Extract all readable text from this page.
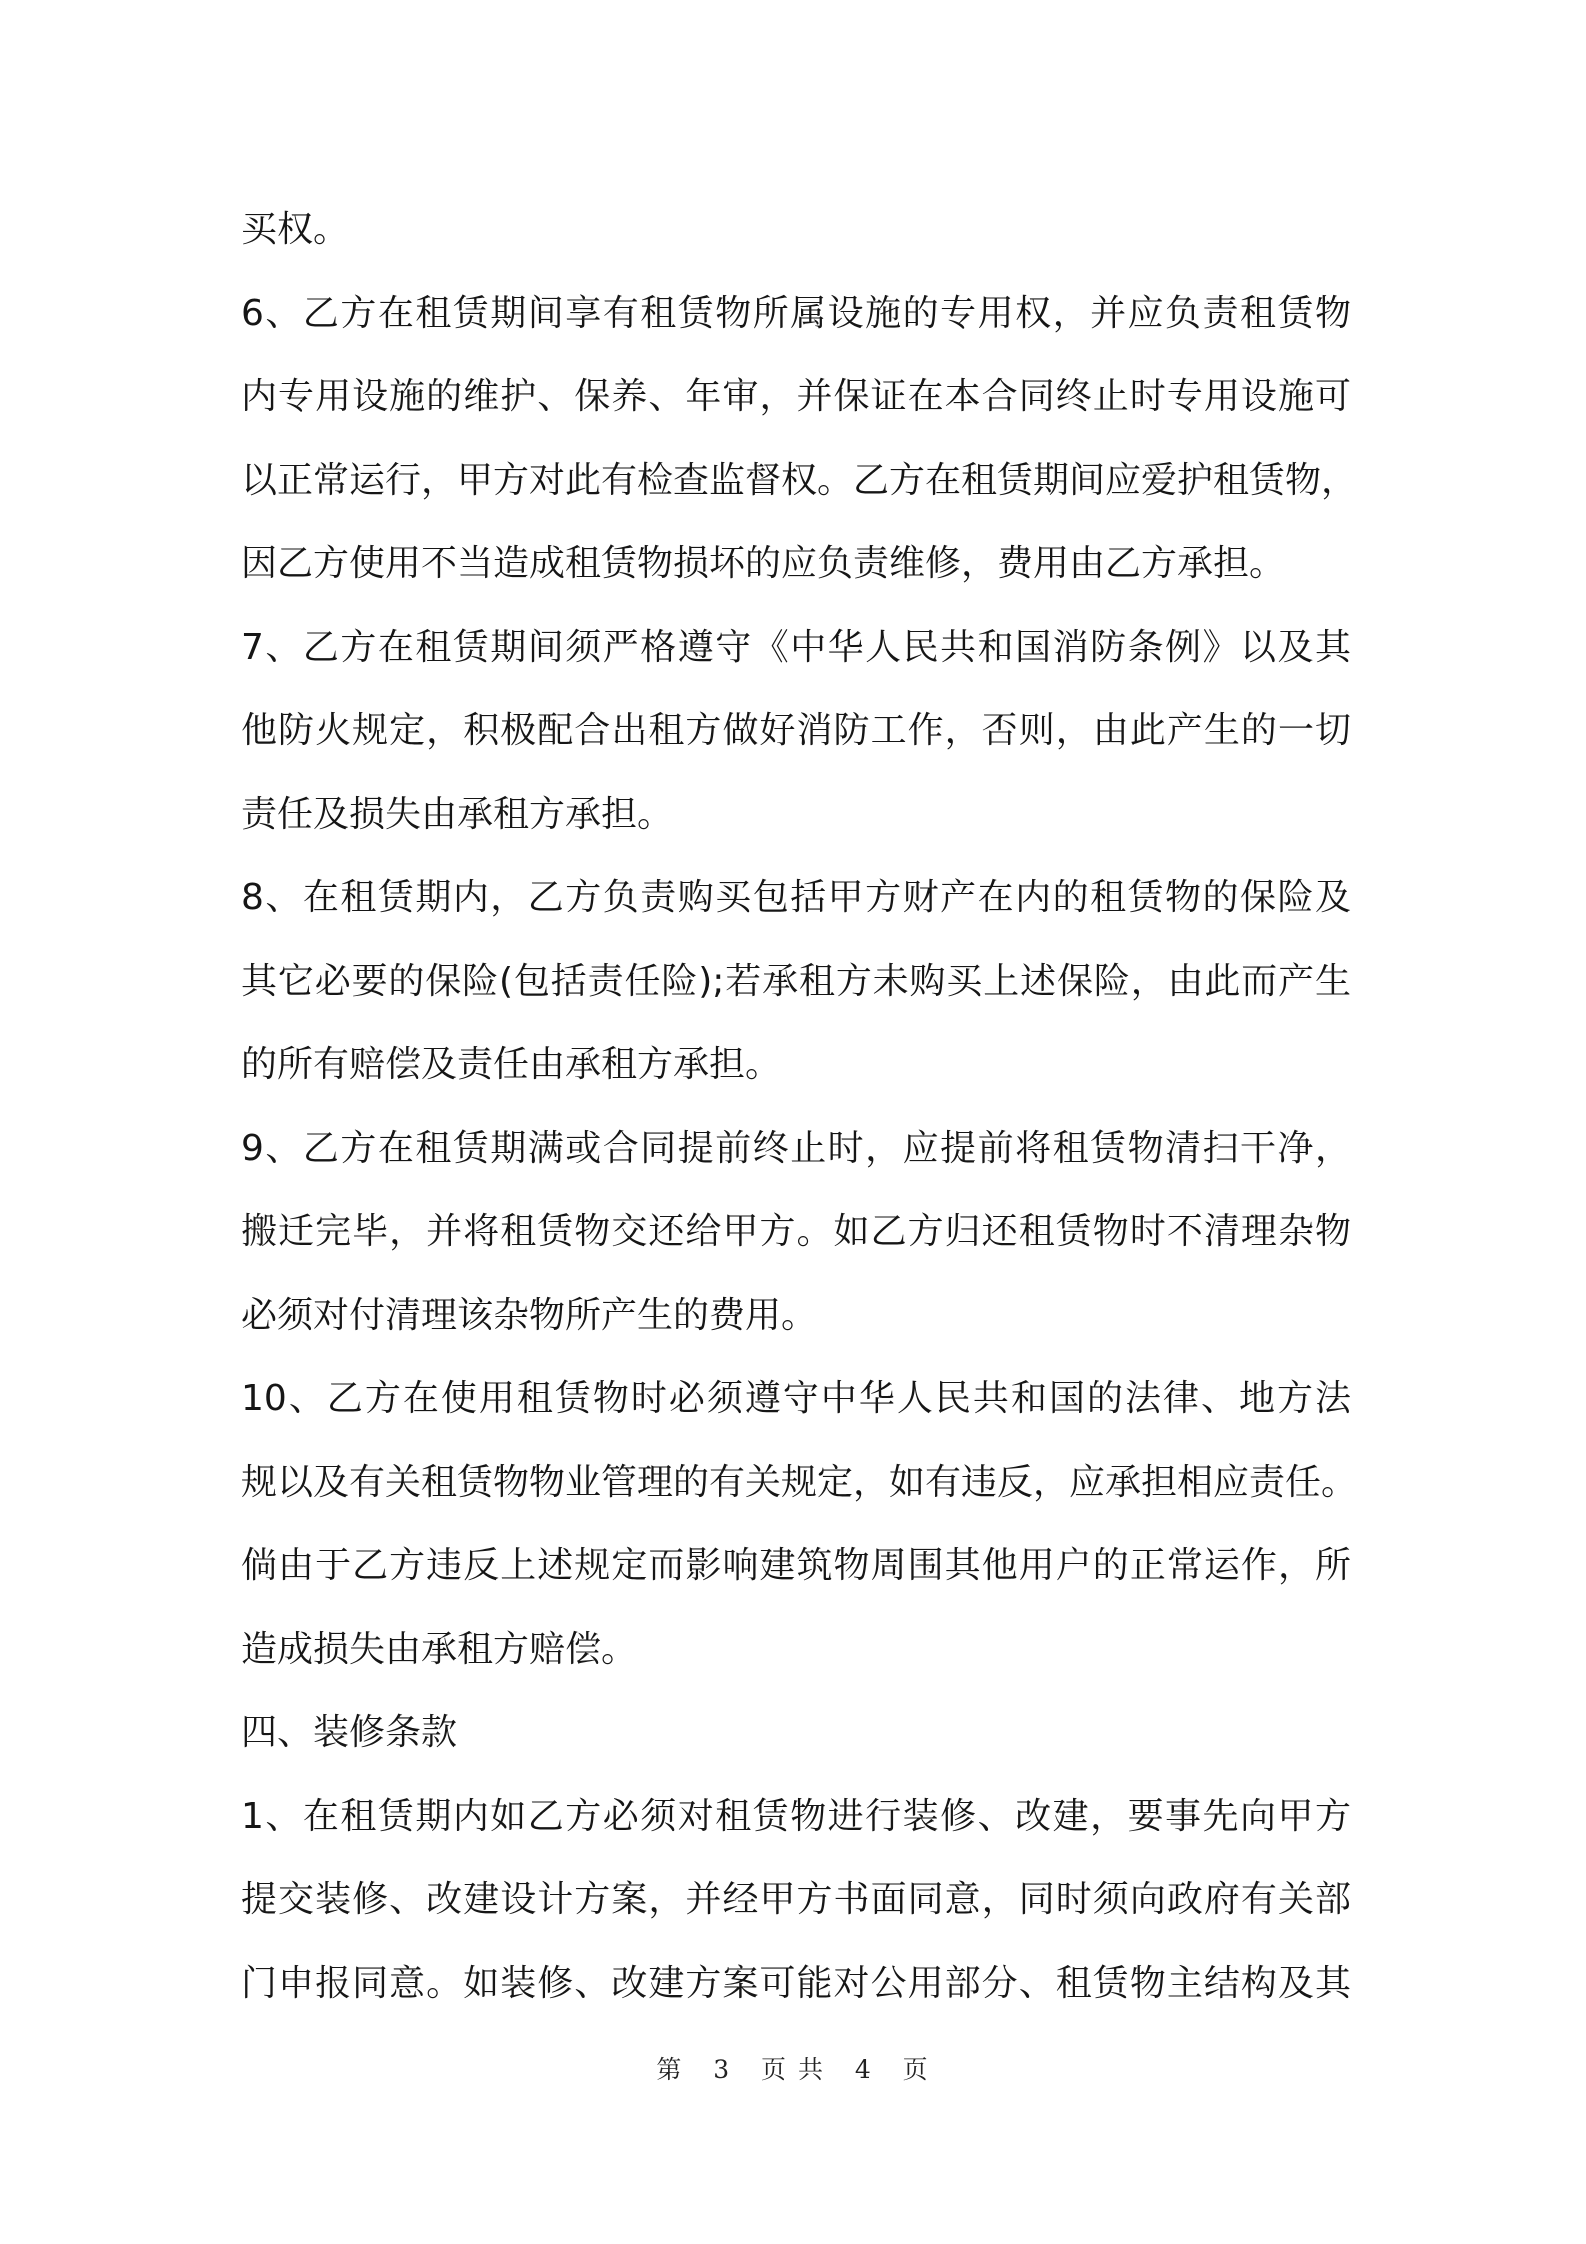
买权。
6、乙方在租赁期间享有租赁物所属设施的专用权，并应负责租赁物
内专用设施的维护、保养、年审，并保证在本合同终止时专用设施可
以正常运行，甲方对此有检查监督权。乙方在租赁期间应爱护租赁物，
因乙方使用不当造成租赁物损坏的应负责维修，费用由乙方承担。
7、乙方在租赁期间须严格遵守《中华人民共和国消防条例》以及其
他防火规定，积极配合出租方做好消防工作，否则，由此产生的一切
责任及损失由承租方承担。
8、在租赁期内，乙方负责购买包括甲方财产在内的租赁物的保险及
其它必要的保险(包括责任险);若承租方未购买上述保险，由此而产生
的所有赔偿及责任由承租方承担。
9、乙方在租赁期满或合同提前终止时，应提前将租赁物清扫干净，
搬迁完毕，并将租赁物交还给甲方。如乙方归还租赁物时不清理杂物
必须对付清理该杂物所产生的费用。
10、乙方在使用租赁物时必须遵守中华人民共和国的法律、地方法
规以及有关租赁物物业管理的有关规定，如有违反，应承担相应责任。
倘由于乙方违反上述规定而影响建筑物周围其他用户的正常运作，所
造成损失由承租方赔偿。
四、装修条款
1、在租赁期内如乙方必须对租赁物进行装修、改建，要事先向甲方
提交装修、改建设计方案，并经甲方书面同意，同时须向政府有关部
门申报同意。如装修、改建方案可能对公用部分、租赁物主结构及其
第 3 页 共 4 页
